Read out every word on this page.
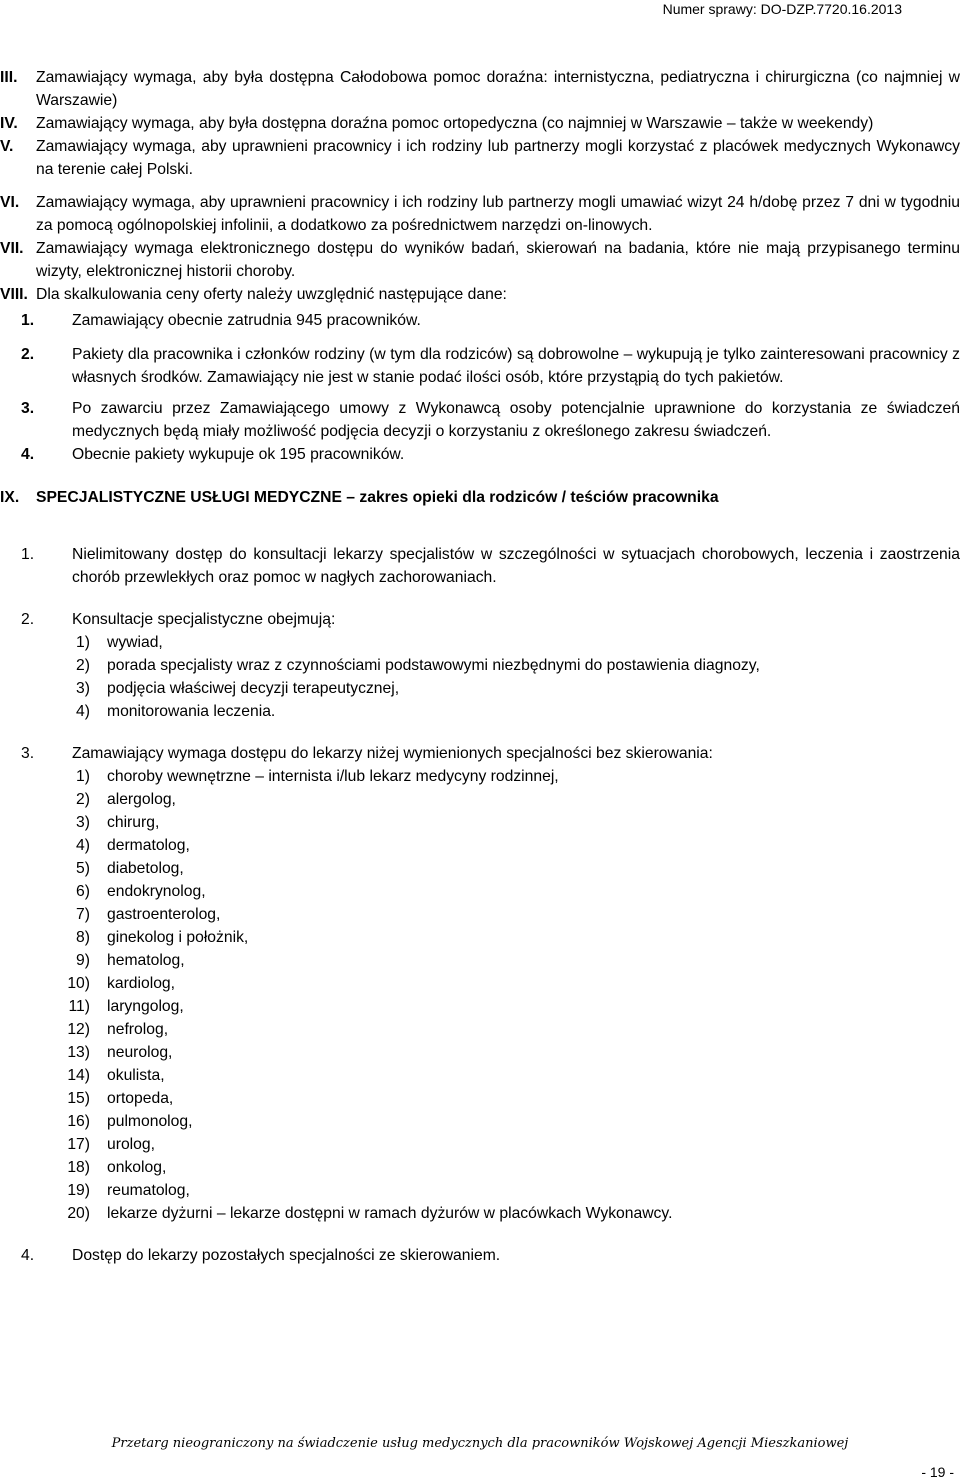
Numer sprawy: DO-DZP.7720.16.2013
III. Zamawiający wymaga, aby była dostępna Całodobowa pomoc doraźna: internistyczna, pediatryczna i chirurgiczna (co najmniej w Warszawie)
IV. Zamawiający wymaga, aby była dostępna doraźna pomoc ortopedyczna (co najmniej w Warszawie – także w weekendy)
V. Zamawiający wymaga, aby uprawnieni pracownicy i ich rodziny lub partnerzy mogli korzystać z placówek medycznych Wykonawcy na terenie całej Polski.
VI. Zamawiający wymaga, aby uprawnieni pracownicy i ich rodziny lub partnerzy mogli umawiać wizyt 24 h/dobę przez 7 dni w tygodniu za pomocą ogólnopolskiej infolinii, a dodatkowo za pośrednictwem narzędzi on-linowych.
VII. Zamawiający wymaga elektronicznego dostępu do wyników badań, skierowań na badania, które nie mają przypisanego terminu wizyty, elektronicznej historii choroby.
VIII. Dla skalkulowania ceny oferty należy uwzględnić następujące dane:
1. Zamawiający obecnie zatrudnia 945 pracowników.
2. Pakiety dla pracownika i członków rodziny (w tym dla rodziców) są dobrowolne – wykupują je tylko zainteresowani pracownicy z własnych środków. Zamawiający nie jest w stanie podać ilości osób, które przystąpią do tych pakietów.
3. Po zawarciu przez Zamawiającego umowy z Wykonawcą osoby potencjalnie uprawnione do korzystania ze świadczeń medycznych będą miały możliwość podjęcia decyzji o korzystaniu z określonego zakresu świadczeń.
4. Obecnie pakiety wykupuje ok 195 pracowników.
IX. SPECJALISTYCZNE USŁUGI MEDYCZNE – zakres opieki dla rodziców / teściów pracownika
1. Nielimitowany dostęp do konsultacji lekarzy specjalistów w szczególności w sytuacjach chorobowych, leczenia i zaostrzenia chorób przewlekłych oraz pomoc w nagłych zachorowaniach.
2. Konsultacje specjalistyczne obejmują:
1) wywiad,
2) porada specjalisty wraz z czynnościami podstawowymi niezbędnymi do postawienia diagnozy,
3) podjęcia właściwej decyzji terapeutycznej,
4) monitorowania leczenia.
3. Zamawiający wymaga dostępu do lekarzy niżej wymienionych specjalności bez skierowania:
1) choroby wewnętrzne – internista i/lub lekarz medycyny rodzinnej,
2) alergolog,
3) chirurg,
4) dermatolog,
5) diabetolog,
6) endokrynolog,
7) gastroenterolog,
8) ginekolog i położnik,
9) hematolog,
10) kardiolog,
11) laryngolog,
12) nefrolog,
13) neurolog,
14) okulista,
15) ortopeda,
16) pulmonolog,
17) urolog,
18) onkolog,
19) reumatolog,
20) lekarze dyżurni – lekarze dostępni w ramach dyżurów w placówkach Wykonawcy.
4. Dostęp do lekarzy pozostałych specjalności ze skierowaniem.
Przetarg nieograniczony na świadczenie usług medycznych dla pracowników Wojskowej Agencji Mieszkaniowej
- 19 -
